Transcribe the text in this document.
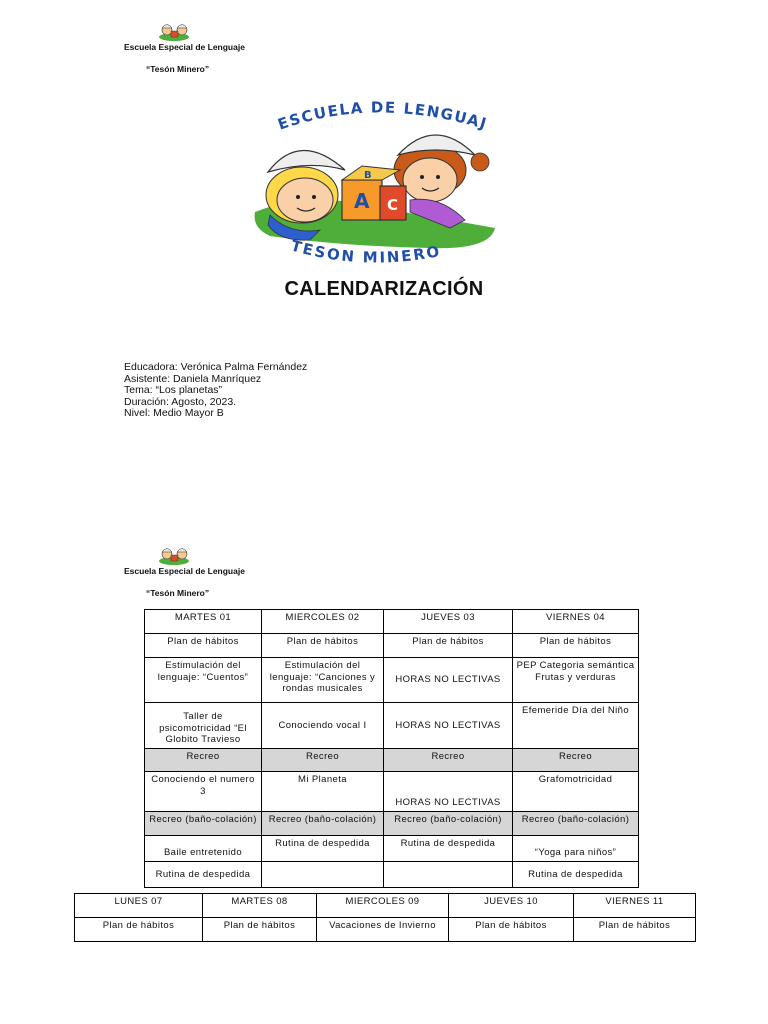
Escuela Especial de Lenguaje
“Tesón Minero”
ESCUELA DE LENGUAJ
A C
B
TESON MINERO
CALENDARIZACIÓN
Educadora: Verónica Palma Fernández
Asistente: Daniela Manríquez
Tema: “Los planetas”
Duración: Agosto, 2023.
Nivel: Medio Mayor B
Escuela Especial de Lenguaje
“Tesón Minero”
MARTES 01	MIERCOLES 02	JUEVES 03	VIERNES 04
Plan de hábitos	Plan de hábitos	Plan de hábitos	Plan de hábitos
Estimulación del lenguaje: “Cuentos”	Estimulación del lenguaje: “Canciones y rondas musicales	HORAS NO LECTIVAS	PEP Categoria semántica Frutas y verduras
Taller de psicomotricidad “El Globito Travieso	Conociendo vocal I	HORAS NO LECTIVAS	Efemeride Día del Niño
Recreo	Recreo	Recreo	Recreo
Conociendo el numero 3	Mi Planeta	HORAS NO LECTIVAS	Grafomotricidad
Recreo (baño-colación)	Recreo (baño-colación)	Recreo (baño-colación)	Recreo (baño-colación)
Baile entretenido	Rutina de despedida	Rutina de despedida	“Yoga para niños”
Rutina de despedida			Rutina de despedida
LUNES 07	MARTES 08	MIERCOLES 09	JUEVES 10	VIERNES 11
Plan de hábitos	Plan de hábitos	Vacaciones de Invierno	Plan de hábitos	Plan de hábitos
